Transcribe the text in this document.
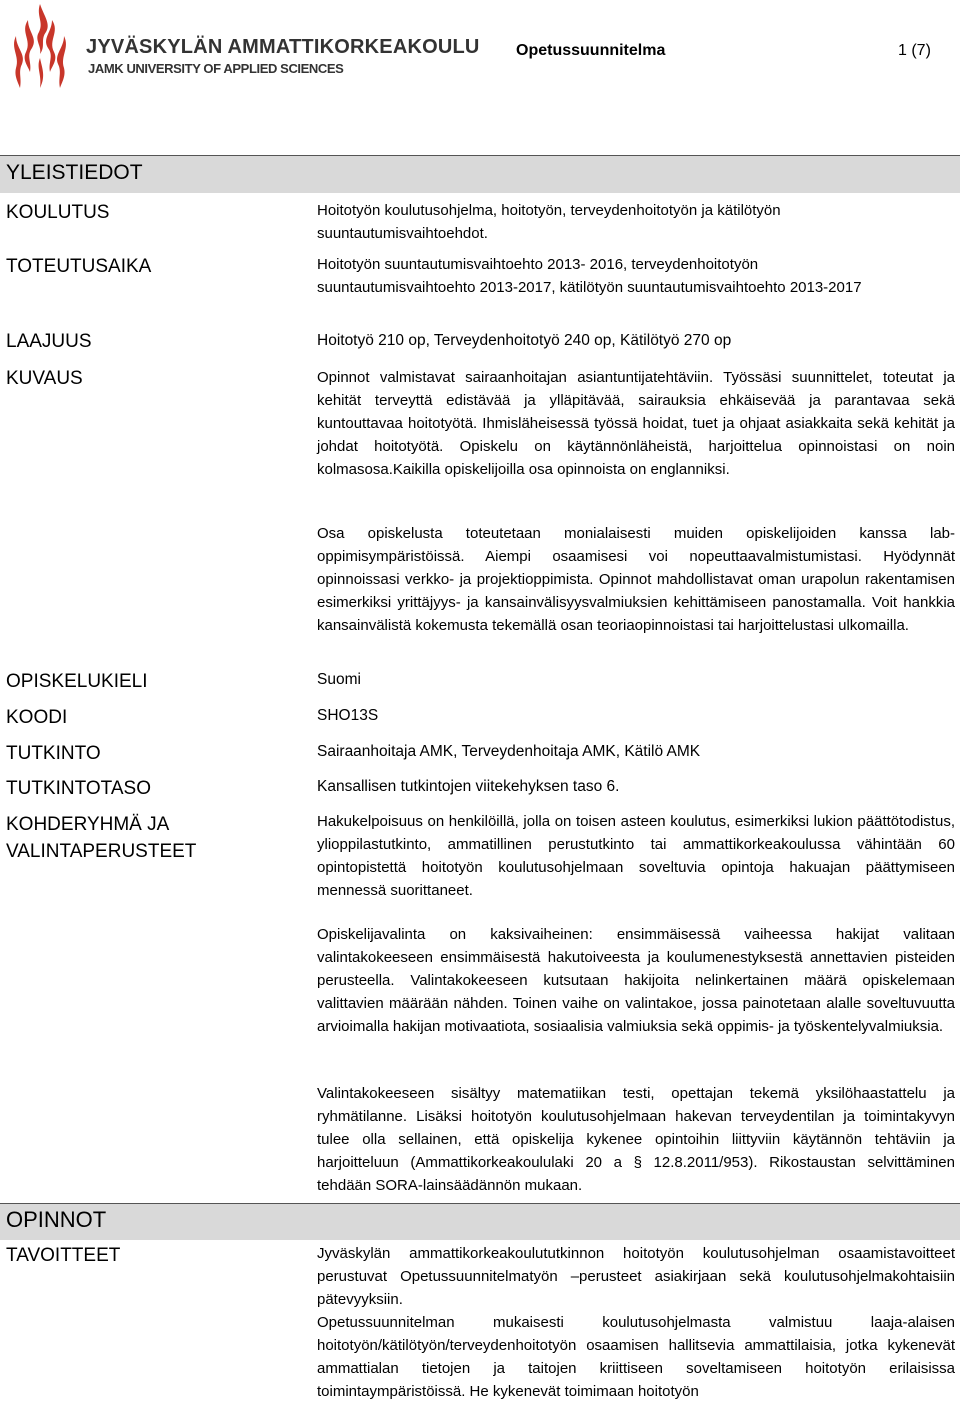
JYVÄSKYLÄN AMMATTIKORKEAKOULU
JAMK UNIVERSITY OF APPLIED SCIENCES
Opetussuunnitelma	1 (7)
YLEISTIEDOT
KOULUTUS	Hoitotyön koulutusohjelma, hoitotyön, terveydenhoitotyön ja kätilötyön suuntautumisvaihtoehdot.
TOTEUTUSAIKA	Hoitotyön suuntautumisvaihtoehto 2013- 2016, terveydenhoitotyön suuntautumisvaihtoehto 2013-2017, kätilötyön suuntautumisvaihtoehto 2013-2017
LAAJUUS	Hoitotyö 210 op, Terveydenhoitotyö 240 op, Kätilötyö 270 op
KUVAUS	Opinnot valmistavat sairaanhoitajan asiantuntijatehtäviin. Työssäsi suunnittelet, toteutat ja kehität terveyttä edistävää ja ylläpitävää, sairauksia ehkäisevää ja parantavaa sekä kuntouttavaa hoitotyötä. Ihmisläheisessä työssä hoidat, tuet ja ohjaat asiakkaita sekä kehität ja johdat hoitotyötä. Opiskelu on käytännönläheistä, harjoittelua opinnoistasi on noin kolmasosa.Kaikilla opiskelijoilla osa opinnoista on englanniksi.
Osa opiskelusta toteutetaan monialaisesti muiden opiskelijoiden kanssa lab-oppimisympäristöissä. Aiempi osaamisesi voi nopeuttaavalmistumistasi. Hyödynnät opinnoissasi verkko- ja projektioppimista. Opinnot mahdollistavat oman urapolun rakentamisen esimerkiksi yrittäjyys- ja kansainvälisyysvalmiuksien kehittämiseen panostamalla. Voit hankkia kansainvälistä kokemusta tekemällä osan teoriaopinnoistasi tai harjoittelustasi ulkomailla.
OPISKELUKIELI	Suomi
KOODI	SHO13S
TUTKINTO	Sairaanhoitaja AMK, Terveydenhoitaja AMK, Kätilö AMK
TUTKINTOTASO	Kansallisen tutkintojen viitekehyksen taso 6.
KOHDERYHMÄ JA VALINTAPERUSTEET
Hakukelpoisuus on henkilöillä, jolla on toisen asteen koulutus, esimerkiksi lukion päättötodistus, ylioppilastutkinto, ammatillinen perustutkinto tai ammattikorkeakoulussa vähintään 60 opintopistettä hoitotyön koulutusohjelmaan soveltuvia opintoja hakuajan päättymiseen mennessä suorittaneet.
Opiskelijavalinta on kaksivaiheinen: ensimmäisessä vaiheessa hakijat valitaan valintakokeeseen ensimmäisestä hakutoiveesta ja koulumenestyksestä annettavien pisteiden perusteella. Valintakokeeseen kutsutaan hakijoita nelinkertainen määrä opiskelemaan valittavien määrään nähden. Toinen vaihe on valintakoe, jossa painotetaan alalle soveltuvuutta arvioimalla hakijan motivaatiota, sosiaalisia valmiuksia sekä oppimis- ja työskentelyvalmiuksia.
Valintakokeeseen sisältyy matematiikan testi, opettajan tekemä yksilöhaastattelu ja ryhmätilanne. Lisäksi hoitotyön koulutusohjelmaan hakevan terveydentilan ja toimintakyvyn tulee olla sellainen, että opiskelija kykenee opintoihin liittyviin käytännön tehtäviin ja harjoitteluun (Ammattikorkeakoululaki 20 a § 12.8.2011/953). Rikostaustan selvittäminen tehdään SORA-lainsäädännön mukaan.
OPINNOT
TAVOITTEET	Jyväskylän ammattikorkeakoulututkinnon hoitotyön koulutusohjelman osaamistavoitteet perustuvat Opetussuunnitelmatyön –perusteet asiakirjaan sekä koulutusohjelmakohtaisiin pätevyyksiin.
Opetussuunnitelman mukaisesti koulutusohjelmasta valmistuu laaja-alaisen hoitotyön/kätilötyön/terveydenhoitotyön osaamisen hallitsevia ammattilaisia, jotka kykenevät ammattialan tietojen ja taitojen kriittiseen soveltamiseen hoitotyön erilaisissa toimintaympäristöissä. He kykenevät toimimaan hoitotyön
